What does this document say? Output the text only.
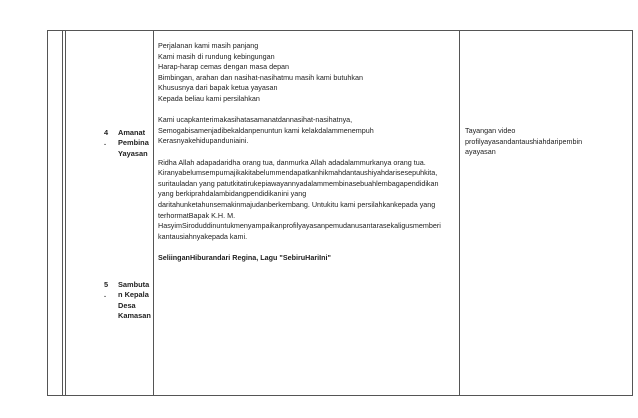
4 .
Amanat
Pembina
Yayasan
5 .
Sambuta
n Kepala
Desa
Kamasan
Perjalanan kami masih panjang
Kami masih di rundung kebingungan
Harap-harap cemas dengan masa depan
Bimbingan, arahan dan nasihat-nasihatmu masih kami butuhkan
Khususnya dari bapak ketua yayasan
Kepada beliau kami persilahkan

Kami ucapkanterimakasihatasamanatdannasihat-nasihatnya,
Semogabisamenjadibekaldanpenuntun kami kelakdalammenempuh
Kerasnyakehidupanduniaini.

Ridha Allah adapadaridha orang tua, danmurka Allah adadalammurkanya orang tua.
Kiranyabelumsempurnajikakitabelummendapatkanhikmahdantaushiyahdarisesepuhkita,
suritauladan yang patutkitatirukepiawayannyadalammembinasebuahlembagapendidikan
yang berkiprahdalambidangpendidikanini yang
daritahunketahunsemakinmajudanberkembang. Untukitu kami persilahkankepada yang
terhormatBapak K.H. M.
HasyimSiroduddinuntukmenyampaikanprofilyayasanpemudanusantarasekaligusmemberi
kantausiahnyakepada kami.

SeliinganHiburandari Regina, Lagu "SebiruHariIni"
Tayangan video
profilyayasandantaushiahdaripembin
ayayasan
